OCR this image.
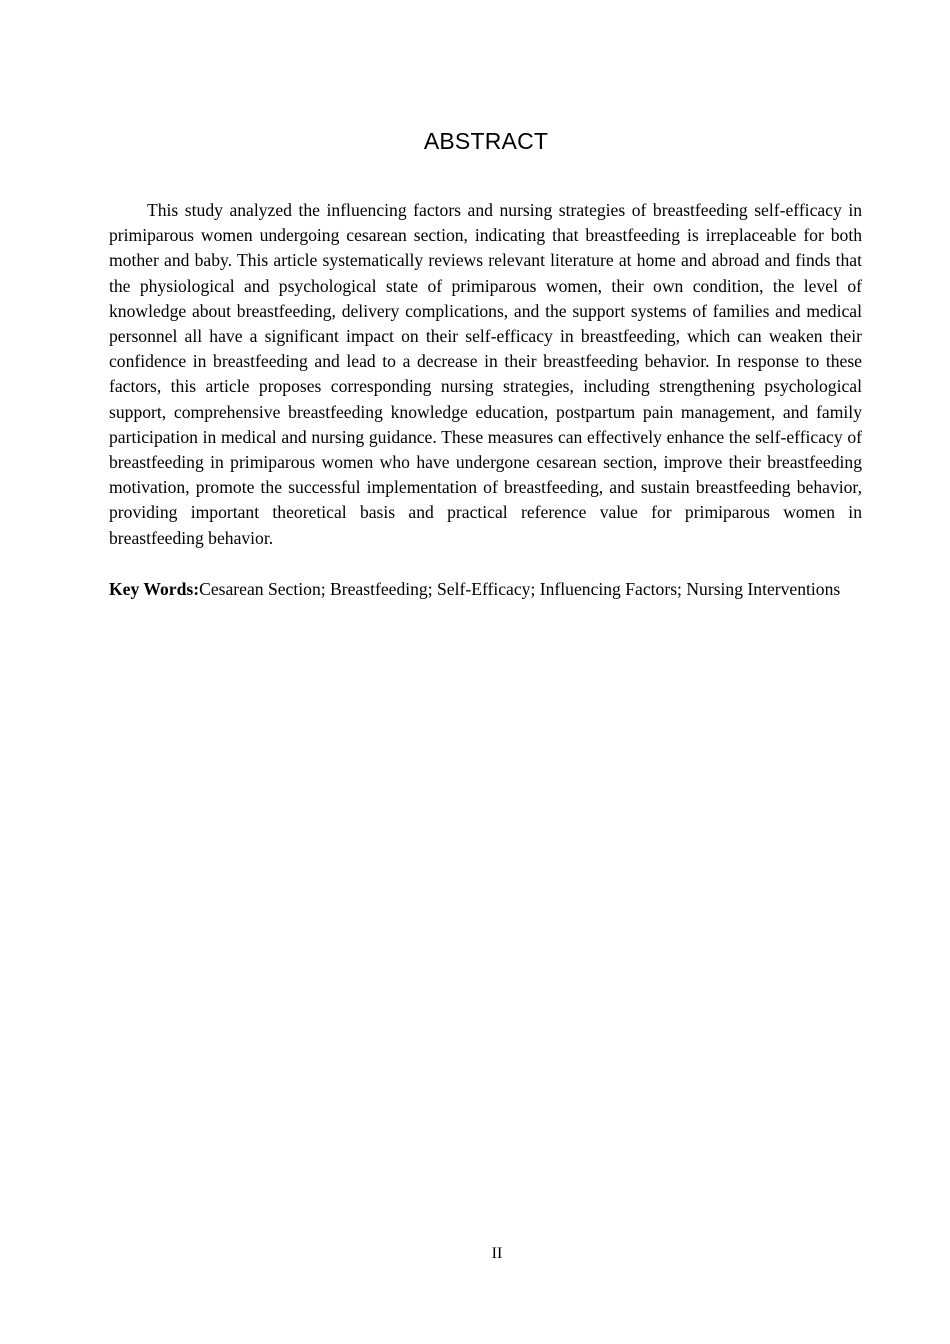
ABSTRACT

This study analyzed the influencing factors and nursing strategies of breastfeeding self-efficacy in primiparous women undergoing cesarean section, indicating that breastfeeding is irreplaceable for both mother and baby. This article systematically reviews relevant literature at home and abroad and finds that the physiological and psychological state of primiparous women, their own condition, the level of knowledge about breastfeeding, delivery complications, and the support systems of families and medical personnel all have a significant impact on their self-efficacy in breastfeeding, which can weaken their confidence in breastfeeding and lead to a decrease in their breastfeeding behavior. In response to these factors, this article proposes corresponding nursing strategies, including strengthening psychological support, comprehensive breastfeeding knowledge education, postpartum pain management, and family participation in medical and nursing guidance. These measures can effectively enhance the self-efficacy of breastfeeding in primiparous women who have undergone cesarean section, improve their breastfeeding motivation, promote the successful implementation of breastfeeding, and sustain breastfeeding behavior, providing important theoretical basis and practical reference value for primiparous women in breastfeeding behavior.

Key Words:Cesarean Section; Breastfeeding; Self-Efficacy; Influencing Factors; Nursing Interventions

II
